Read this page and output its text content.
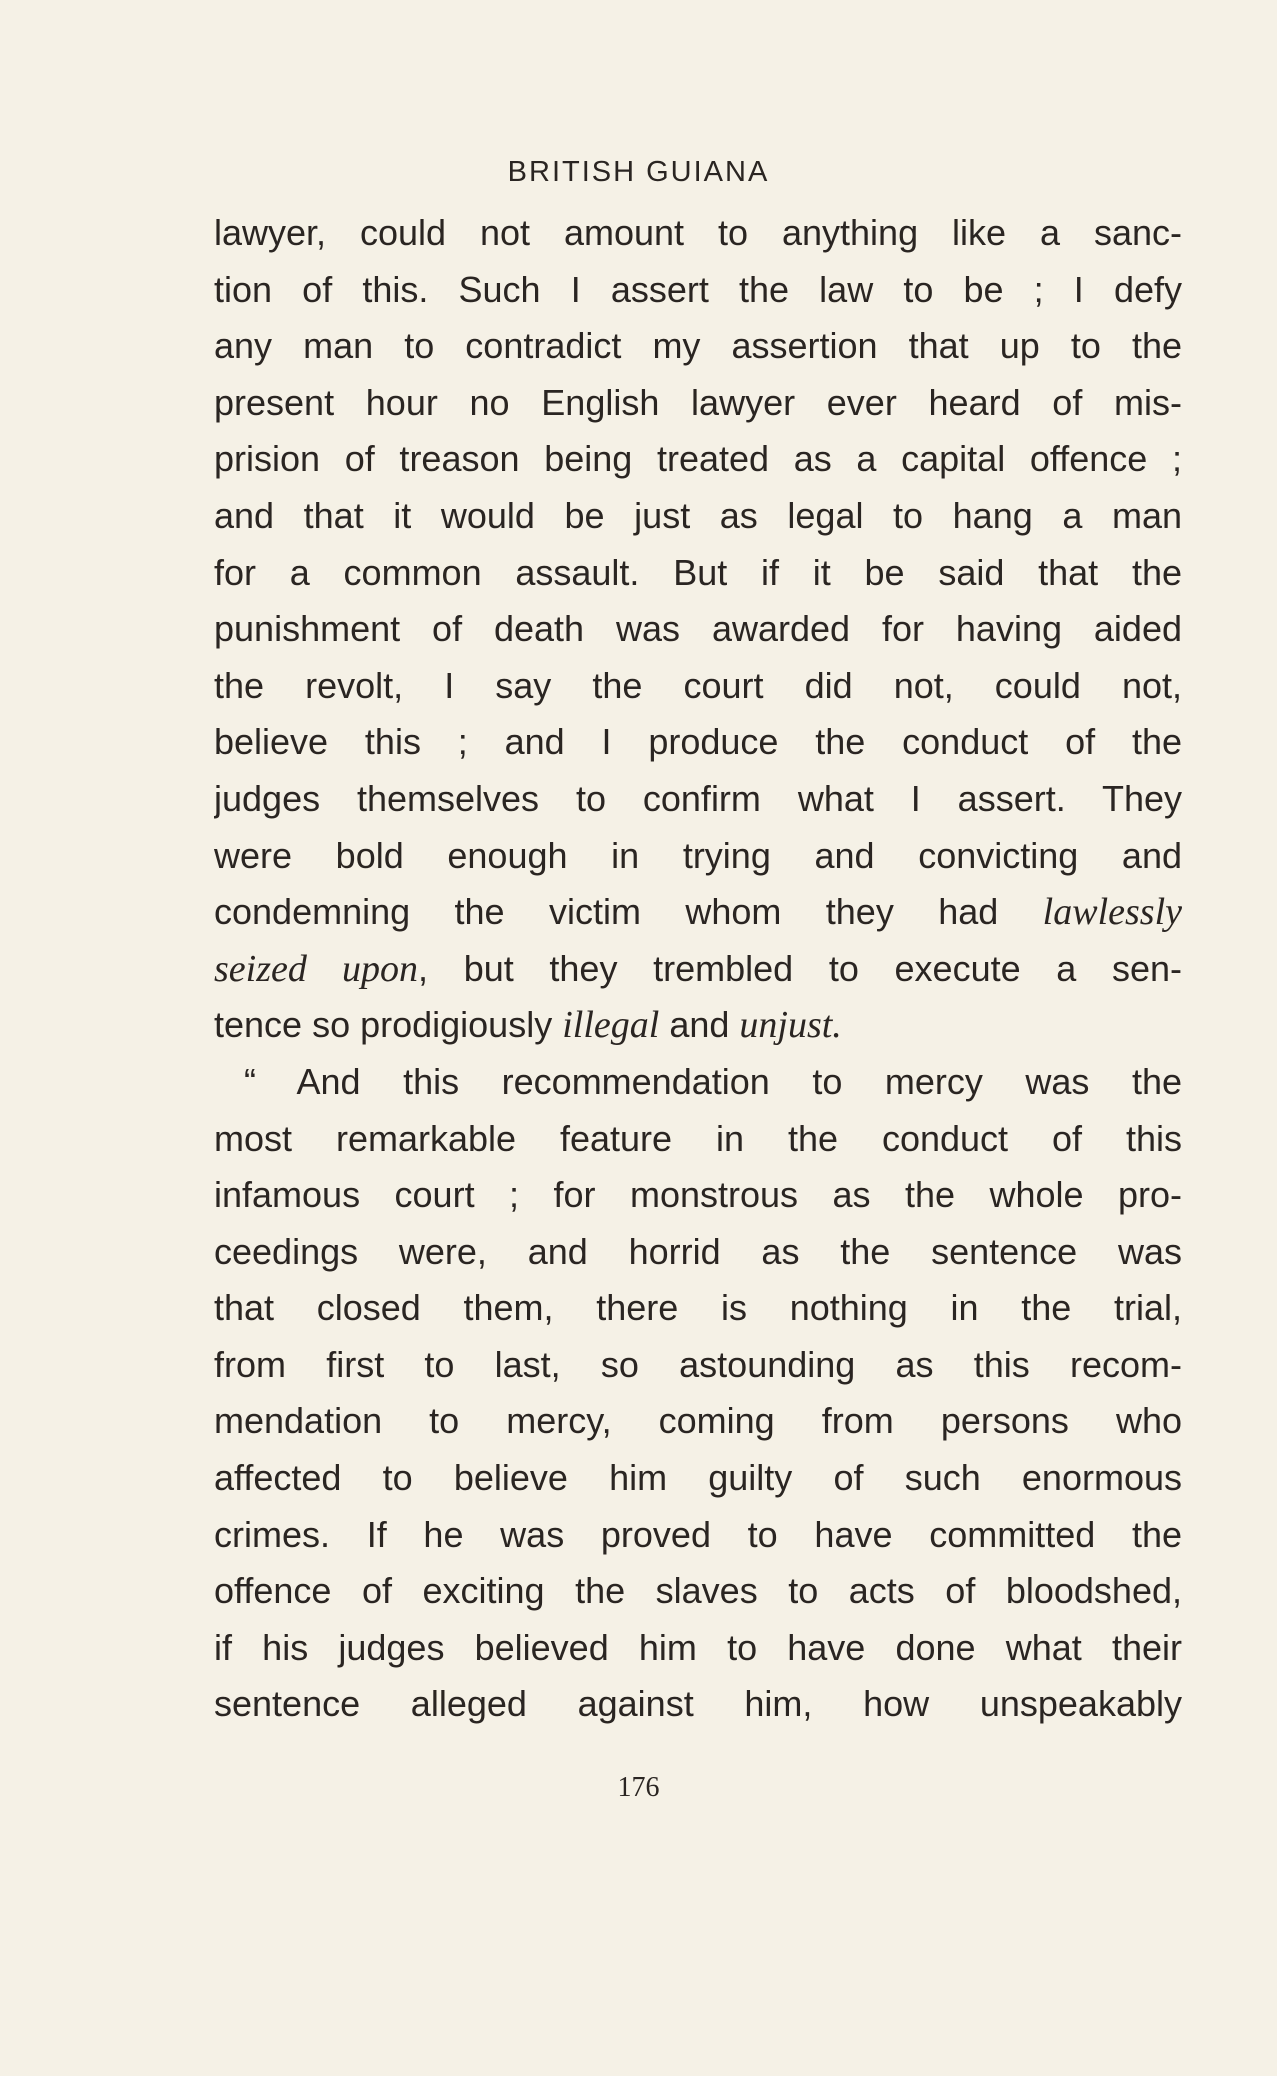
BRITISH GUIANA
lawyer, could not amount to anything like a sanc-
tion of this. Such I assert the law to be ; I defy
any man to contradict my assertion that up to the
present hour no English lawyer ever heard of mis-
prision of treason being treated as a capital offence ;
and that it would be just as legal to hang a man
for a common assault. But if it be said that the
punishment of death was awarded for having aided
the revolt, I say the court did not, could not,
believe this ; and I produce the conduct of the
judges themselves to confirm what I assert. They
were bold enough in trying and convicting and
condemning the victim whom they had lawlessly
seized upon, but they trembled to execute a sen-
tence so prodigiously illegal and unjust.
“ And this recommendation to mercy was the
most remarkable feature in the conduct of this
infamous court ; for monstrous as the whole pro-
ceedings were, and horrid as the sentence was
that closed them, there is nothing in the trial,
from first to last, so astounding as this recom-
mendation to mercy, coming from persons who
affected to believe him guilty of such enormous
crimes. If he was proved to have committed the
offence of exciting the slaves to acts of bloodshed,
if his judges believed him to have done what their
sentence alleged against him, how unspeakably
176
